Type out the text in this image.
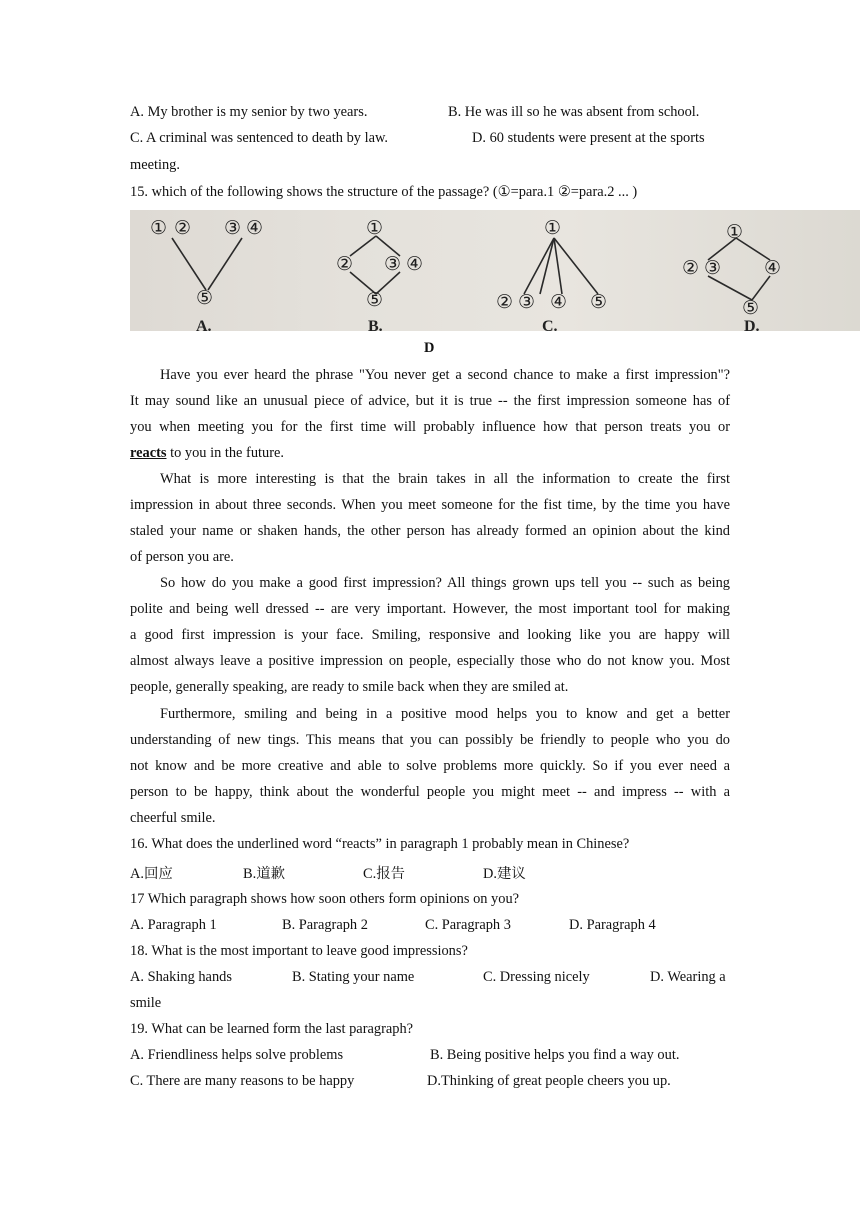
A. My brother is my senior by two years.	B. He was ill so he was absent from school.
C. A criminal was sentenced to death by law.	D. 60 students were present at the sports
meeting.
15. which of the following shows the structure of the passage? (①=para.1 ②=para.2 ... )
① ② ③ ④
⑤
①
② ③ ④
⑤
①
② ③ ④ ⑤
①
② ③ ④
⑤
A.	B.	C.	D.
D
Have you ever heard the phrase "You never get a second chance to make a first impression"?
It may sound like an unusual piece of advice, but it is true -- the first impression someone has of
you when meeting you for the first time will probably influence how that person treats you or
reacts to you in the future.
What is more interesting is that the brain takes in all the information to create the first
impression in about three seconds. When you meet someone for the fist time, by the time you have
staled your name or shaken hands, the other person has already formed an opinion about the kind
of person you are.
So how do you make a good first impression? All things grown ups tell you -- such as being
polite and being well dressed -- are very important. However, the most important tool for making
a good first impression is your face. Smiling, responsive and looking like you are happy will
almost always leave a positive impression on people, especially those who do not know you. Most
people, generally speaking, are ready to smile back when they are smiled at.
Furthermore, smiling and being in a positive mood helps you to know and get a better
understanding of new tings. This means that you can possibly be friendly to people who you do
not know and be more creative and able to solve problems more quickly. So if you ever need a
person to be happy, think about the wonderful people you might meet -- and impress -- with a
cheerful smile.
16. What does the underlined word “reacts” in paragraph 1 probably mean in Chinese?
A.回应	B.道歉	C.报告	D.建议
17 Which paragraph shows how soon others form opinions on you?
A. Paragraph 1	B. Paragraph 2	C. Paragraph 3	D. Paragraph 4
18. What is the most important to leave good impressions?
A. Shaking hands	B. Stating your name	C. Dressing nicely	D. Wearing a
smile
19. What can be learned form the last paragraph?
A. Friendliness helps solve problems	B. Being positive helps you find a way out.
C. There are many reasons to be happy	D.Thinking of great people cheers you up.
